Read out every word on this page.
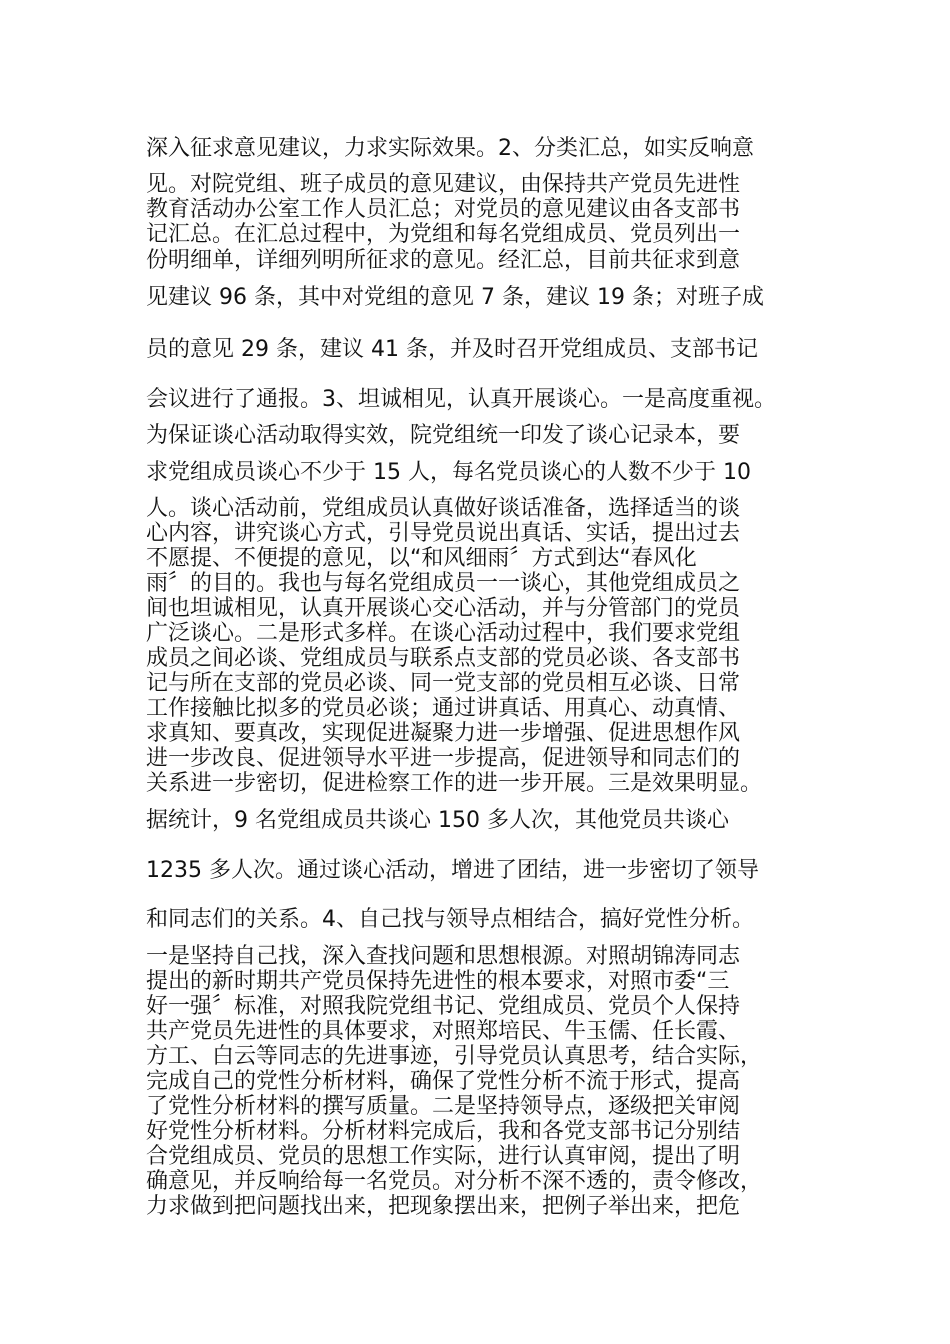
深入征求意见建议，力求实际效果。2、分类汇总，如实反响意

见。对院党组、班子成员的意见建议，由保持共产党员先进性

教育活动办公室工作人员汇总；对党员的意见建议由各支部书

记汇总。在汇总过程中，为党组和每名党组成员、党员列出一

份明细单，详细列明所征求的意见。经汇总，目前共征求到意

见建议 96 条，其中对党组的意见 7 条，建议 19 条；对班子成

员的意见 29 条，建议 41 条，并及时召开党组成员、支部书记

会议进行了通报。3、坦诚相见，认真开展谈心。一是高度重视。

为保证谈心活动取得实效，院党组统一印发了谈心记录本，要

求党组成员谈心不少于 15 人，每名党员谈心的人数不少于 10

人。谈心活动前，党组成员认真做好谈话准备，选择适当的谈

心内容，讲究谈心方式，引导党员说出真话、实话，提出过去

不愿提、不便提的意见，以“和风细雨〞方式到达“春风化

雨〞的目的。我也与每名党组成员一一谈心，其他党组成员之

间也坦诚相见，认真开展谈心交心活动，并与分管部门的党员

广泛谈心。二是形式多样。在谈心活动过程中，我们要求党组

成员之间必谈、党组成员与联系点支部的党员必谈、各支部书

记与所在支部的党员必谈、同一党支部的党员相互必谈、日常

工作接触比拟多的党员必谈；通过讲真话、用真心、动真情、

求真知、要真改，实现促进凝聚力进一步增强、促进思想作风

进一步改良、促进领导水平进一步提高，促进领导和同志们的

关系进一步密切，促进检察工作的进一步开展。三是效果明显。

据统计，9 名党组成员共谈心 150 多人次，其他党员共谈心

1235 多人次。通过谈心活动，增进了团结，进一步密切了领导

和同志们的关系。4、自己找与领导点相结合，搞好党性分析。

一是坚持自己找，深入查找问题和思想根源。对照胡锦涛同志

提出的新时期共产党员保持先进性的根本要求，对照市委“三

好一强〞标准，对照我院党组书记、党组成员、党员个人保持

共产党员先进性的具体要求，对照郑培民、牛玉儒、任长霞、

方工、白云等同志的先进事迹，引导党员认真思考，结合实际，

完成自己的党性分析材料，确保了党性分析不流于形式，提高

了党性分析材料的撰写质量。二是坚持领导点，逐级把关审阅

好党性分析材料。分析材料完成后，我和各党支部书记分别结

合党组成员、党员的思想工作实际，进行认真审阅，提出了明

确意见，并反响给每一名党员。对分析不深不透的，责令修改，

力求做到把问题找出来，把现象摆出来，把例子举出来，把危
